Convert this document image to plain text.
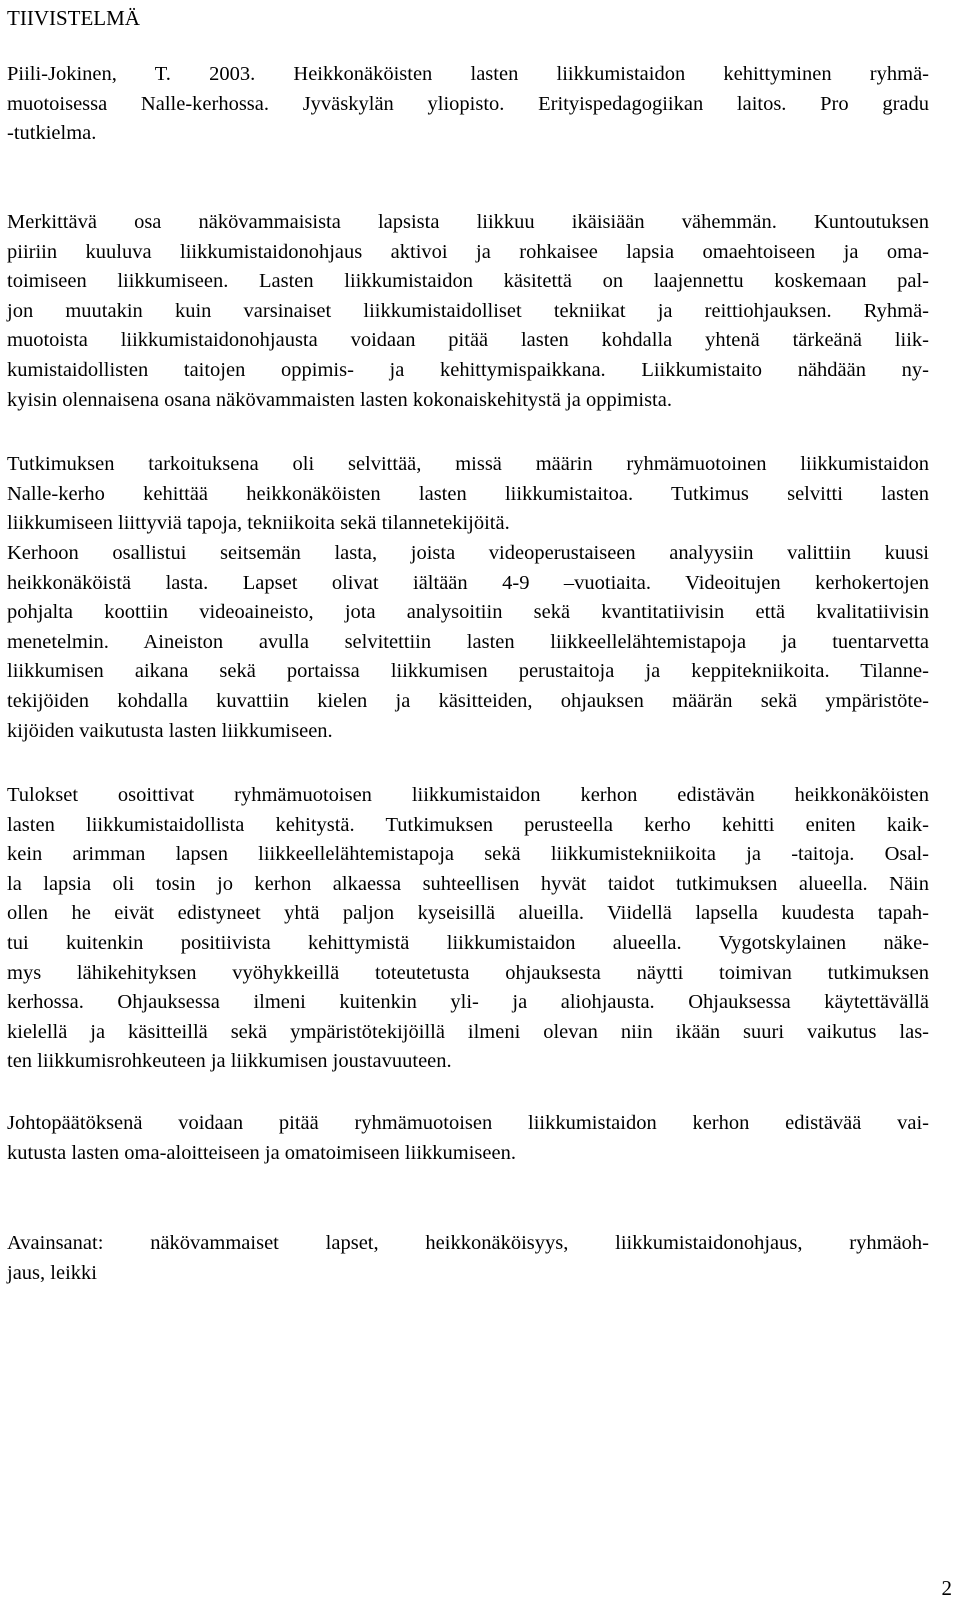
TIIVISTELMÄ
Piili-Jokinen, T. 2003. Heikkonäköisten lasten liikkumistaidon kehittyminen ryhmä-
muotoisessa Nalle-kerhossa. Jyväskylän yliopisto. Erityispedagogiikan laitos. Pro gradu
-tutkielma.
Merkittävä osa näkövammaisista lapsista liikkuu ikäisiään vähemmän. Kuntoutuksen
piiriin kuuluva liikkumistaidonohjaus aktivoi ja rohkaisee lapsia omaehtoiseen ja oma-
toimiseen liikkumiseen. Lasten liikkumistaidon käsitettä on laajennettu koskemaan pal-
jon muutakin kuin varsinaiset liikkumistaidolliset tekniikat ja reittiohjauksen. Ryhmä-
muotoista liikkumistaidonohjausta voidaan pitää lasten kohdalla yhtenä tärkeänä liik-
kumistaidollisten taitojen oppimis- ja kehittymispaikkana. Liikkumistaito nähdään ny-
kyisin olennaisena osana näkövammaisten lasten kokonaiskehitystä ja oppimista.
Tutkimuksen tarkoituksena oli selvittää, missä määrin ryhmämuotoinen liikkumistaidon
Nalle-kerho kehittää heikkonäköisten lasten liikkumistaitoa. Tutkimus selvitti lasten
liikkumiseen liittyviä tapoja, tekniikoita sekä tilannetekijöitä.
Kerhoon osallistui seitsemän lasta, joista videoperustaiseen analyysiin valittiin kuusi
heikkonäköistä lasta. Lapset olivat iältään 4-9 –vuotiaita. Videoitujen kerhokertojen
pohjalta koottiin videoaineisto, jota analysoitiin sekä kvantitatiivisin että kvalitatiivisin
menetelmin. Aineiston avulla selvitettiin lasten liikkeellelähtemistapoja ja tuentarvetta
liikkumisen aikana sekä portaissa liikkumisen perustaitoja ja keppitekniikoita. Tilanne-
tekijöiden kohdalla kuvattiin kielen ja käsitteiden, ohjauksen määrän sekä ympäristöte-
kijöiden vaikutusta lasten liikkumiseen.
Tulokset osoittivat ryhmämuotoisen liikkumistaidon kerhon edistävän heikkonäköisten
lasten liikkumistaidollista kehitystä. Tutkimuksen perusteella kerho kehitti eniten kaik-
kein arimman lapsen liikkeellelähtemistapoja sekä liikkumistekniikoita ja -taitoja. Osal-
la lapsia oli tosin jo kerhon alkaessa suhteellisen hyvät taidot tutkimuksen alueella. Näin
ollen he eivät edistyneet yhtä paljon kyseisillä alueilla. Viidellä lapsella kuudesta tapah-
tui kuitenkin positiivista kehittymistä liikkumistaidon alueella. Vygotskylainen näke-
mys lähikehityksen vyöhykkeillä toteutetusta ohjauksesta näytti toimivan tutkimuksen
kerhossa. Ohjauksessa ilmeni kuitenkin yli- ja aliohjausta. Ohjauksessa käytettävällä
kielellä ja käsitteillä sekä ympäristötekijöillä ilmeni olevan niin ikään suuri vaikutus las-
ten liikkumisrohkeuteen ja liikkumisen joustavuuteen.
Johtopäätöksenä voidaan pitää ryhmämuotoisen liikkumistaidon kerhon edistävää vai-
kutusta lasten oma-aloitteiseen ja omatoimiseen liikkumiseen.
Avainsanat: näkövammaiset lapset, heikkonäköisyys, liikkumistaidonohjaus, ryhmäoh-
jaus, leikki
2
